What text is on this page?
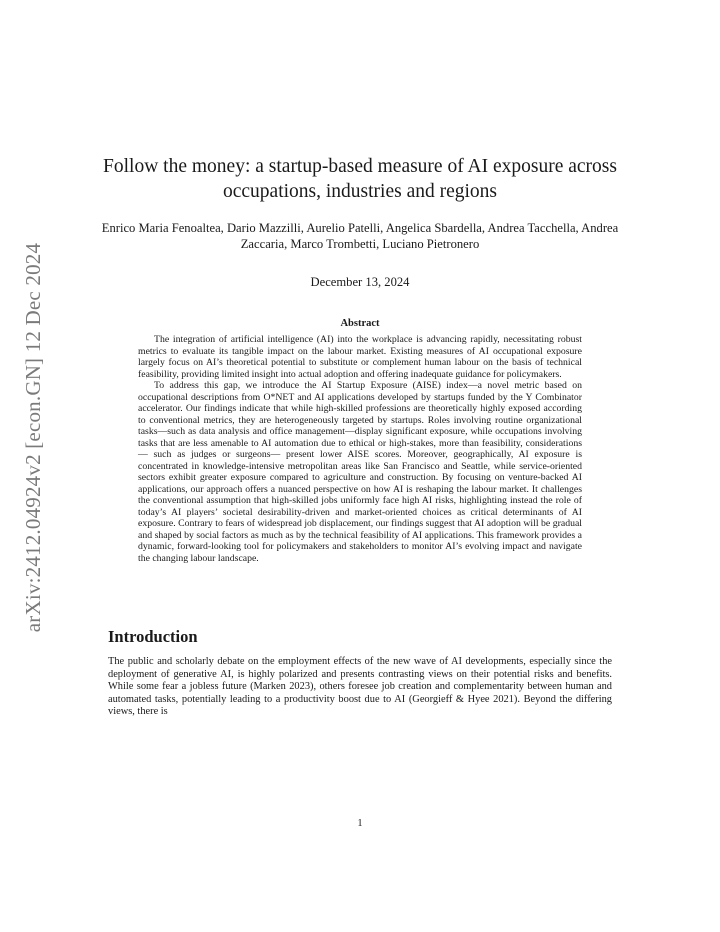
arXiv:2412.04924v2 [econ.GN] 12 Dec 2024
Follow the money: a startup-based measure of AI exposure across occupations, industries and regions

Enrico Maria Fenoaltea, Dario Mazzilli, Aurelio Patelli, Angelica Sbardella, Andrea Tacchella, Andrea Zaccaria, Marco Trombetti, Luciano Pietronero

December 13, 2024

Abstract

The integration of artificial intelligence (AI) into the workplace is advancing rapidly, necessitating robust metrics to evaluate its tangible impact on the labour market. Existing measures of AI occupational exposure largely focus on AI’s theoretical potential to substitute or complement human labour on the basis of technical feasibility, providing limited insight into actual adoption and offering inadequate guidance for policymakers.

To address this gap, we introduce the AI Startup Exposure (AISE) index—a novel metric based on occupational descriptions from O*NET and AI applications developed by startups funded by the Y Combinator accelerator. Our findings indicate that while high-skilled professions are theoretically highly exposed according to conventional metrics, they are heterogeneously targeted by startups. Roles involving routine organizational tasks—such as data analysis and office management—display significant exposure, while occupations involving tasks that are less amenable to AI automation due to ethical or high-stakes, more than feasibility, considerations — such as judges or surgeons— present lower AISE scores. Moreover, geographically, AI exposure is concentrated in knowledge-intensive metropolitan areas like San Francisco and Seattle, while service-oriented sectors exhibit greater exposure compared to agriculture and construction. By focusing on venture-backed AI applications, our approach offers a nuanced perspective on how AI is reshaping the labour market. It challenges the conventional assumption that high-skilled jobs uniformly face high AI risks, highlighting instead the role of today’s AI players’ societal desirability-driven and market-oriented choices as critical determinants of AI exposure. Contrary to fears of widespread job displacement, our findings suggest that AI adoption will be gradual and shaped by social factors as much as by the technical feasibility of AI applications. This framework provides a dynamic, forward-looking tool for policymakers and stakeholders to monitor AI’s evolving impact and navigate the changing labour landscape.

Introduction

The public and scholarly debate on the employment effects of the new wave of AI developments, especially since the deployment of generative AI, is highly polarized and presents contrasting views on their potential risks and benefits. While some fear a jobless future (Marken 2023), others foresee job creation and complementarity between human and automated tasks, potentially leading to a productivity boost due to AI (Georgieff & Hyee 2021). Beyond the differing views, there is

1
